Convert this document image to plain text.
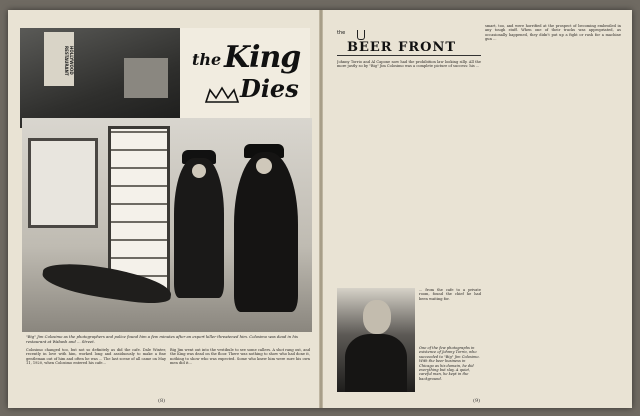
HOLLYWOOD RESTAURANT	the King
Dies
"Big" Jim Colosimo as the photographers and police found him a few minutes after an expert killer threatened him. Colosimo was dead in his restaurant at Wabash and ... Street.
Colosimo changed too, but not so definitely as did the cafe. Dale Winter, recently in love with him, worked long and assiduously to make a fine gentleman out of him and often he was ... The last scene of all came on May 11, 1920, when Colosimo entered his cafe...
Big Jim went out into the vestibule to see some callers. A shot rang out, and the King was dead on the floor. There was nothing to show who had done it, nothing to show who was expected. Some who knew him were sure his own men did it...
(8)
the
BEER FRONT
Johnny Torrio and Al Capone now had the prohibition law looking silly. All the more justly so by "Big" Jim Colosimo was a complete picture of success: his ...
smart, too, and were horrified at the prospect of becoming embroiled in any tough stuff. When one of their trucks was appropriated, as occasionally happened, they didn't put up a fight or rush for a machine gun ...
... from the cafe to a private room, found the chief he had been waiting for.
One of the few photographs in existence of Johnny Torrio, who succeeded to "Big" Jim Colosimo. With the beer business in Chicago as his domain, he did everything but slay. A quiet, careful man, he kept in the background.
(9)
